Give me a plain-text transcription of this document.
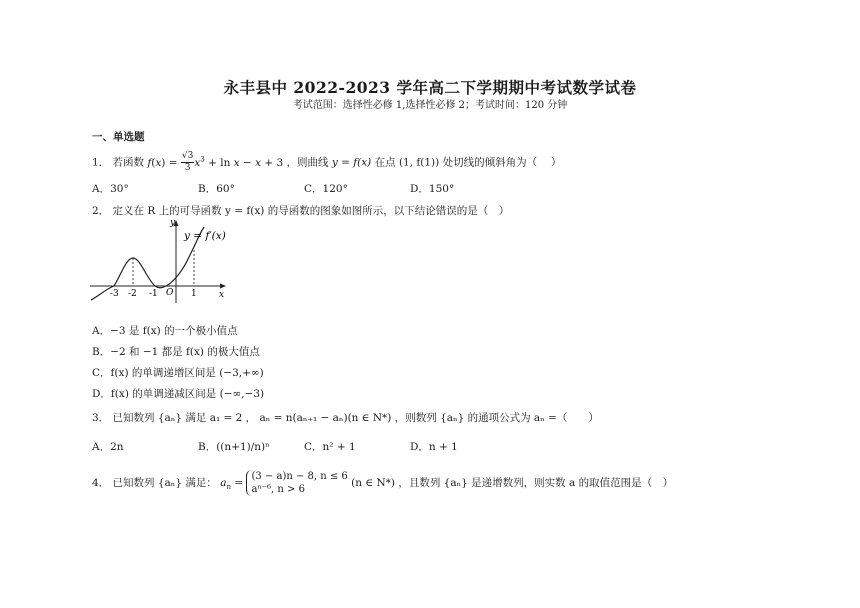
永丰县中 2022-2023 学年高二下学期期中考试数学试卷
考试范围：选择性必修 1,选择性必修 2；考试时间：120 分钟
一、单选题
1． 若函数 $f(x) = \frac{√3}{3} x^3 + \ln x - x + 3$ ，则曲线 y = f(x) 在点 (1, f(1)) 处切线的倾斜角为（　 ）
A．30°	B．60°	C．120°	D．150°
2． 定义在 R 上的可导函数 y = f(x) 的导函数的图象如图所示，以下结论错误的是（　）
y = f′(x)
y
x
O
-3 -2 -1	1
A．−3 是 f(x) 的一个极小值点
B．−2 和 −1 都是 f(x) 的极大值点
C．f(x) 的单调递增区间是 (−3,+∞)
D．f(x) 的单调递减区间是 (−∞,−3)
3． 已知数列 {aₙ} 满足 a₁ = 2 ， aₙ = n(aₙ₊₁ − aₙ)(n ∈ N*) ，则数列 {aₙ} 的通项公式为 aₙ =（　　）
A．2n	B．((n+1)/n)ⁿ	C．n² + 1	D．n + 1
4． 已知数列 {aₙ} 满足： $a_n$ =
(3 − a)n − 8, n ≤ 6
aⁿ⁻⁶, n > 6
(n ∈ N*) ，且数列 {aₙ} 是递增数列，则实数 a 的取值范围是（　）
